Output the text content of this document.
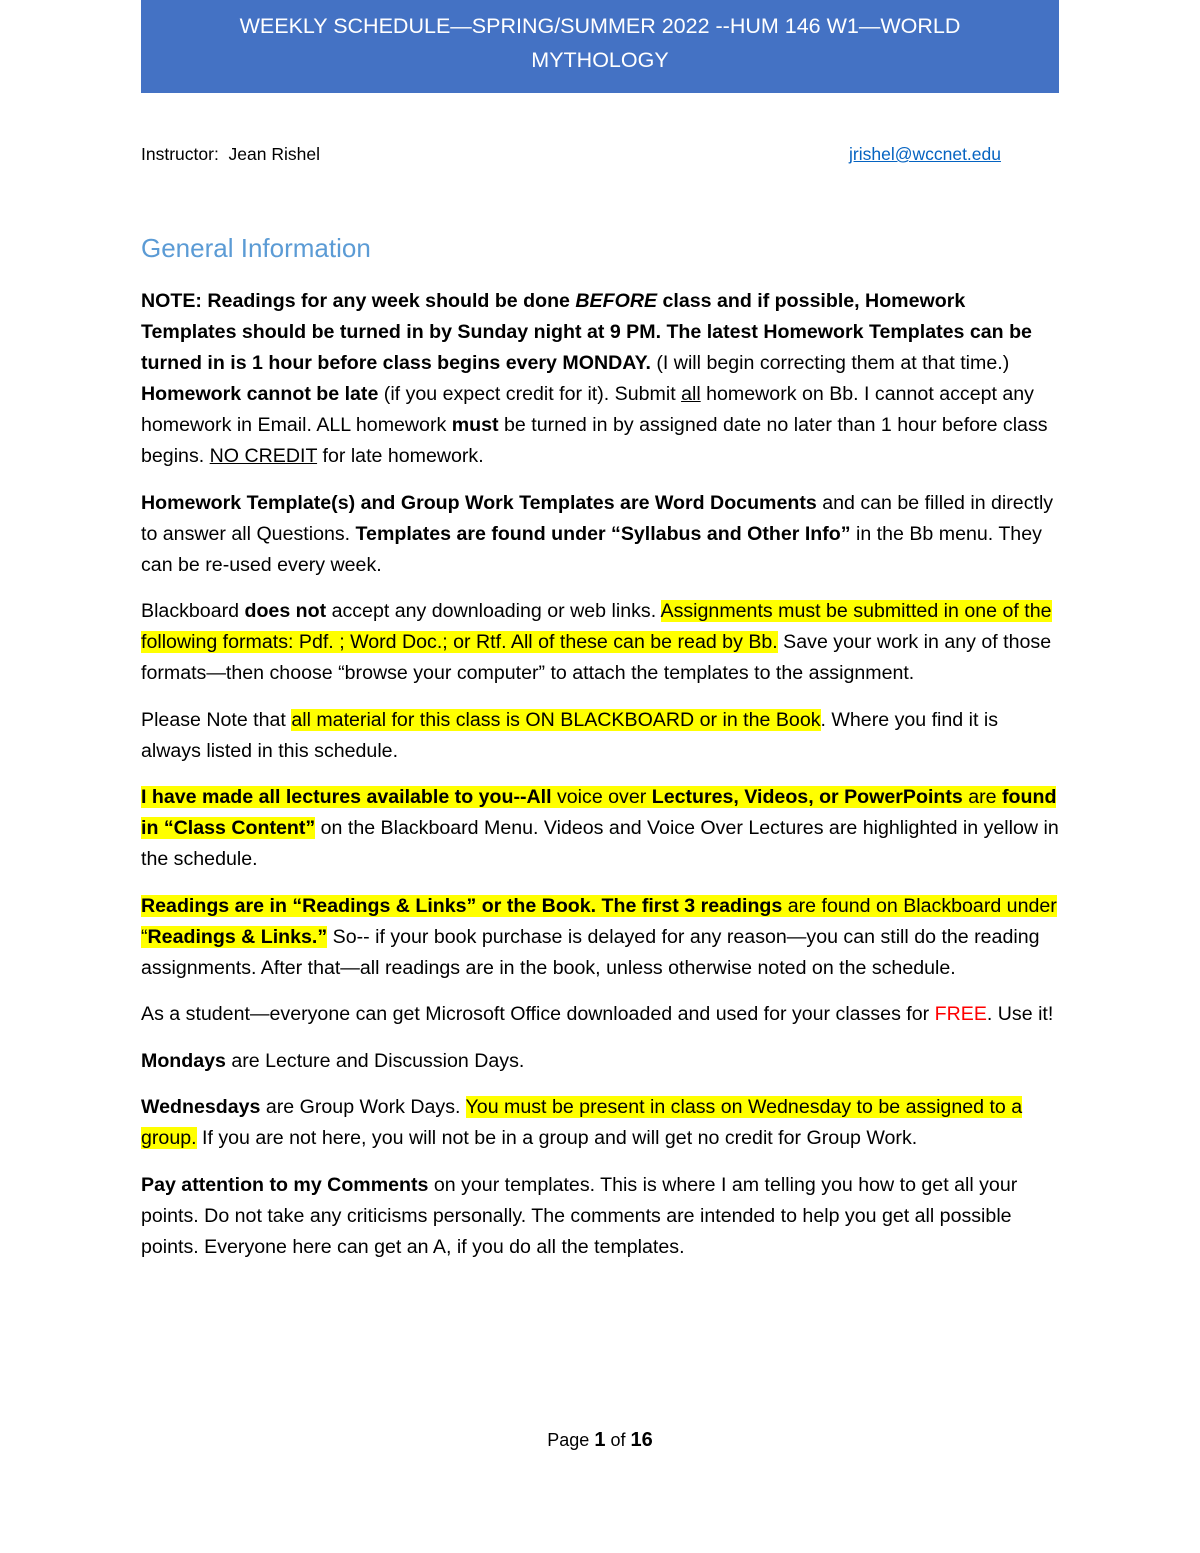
WEEKLY SCHEDULE—SPRING/SUMMER 2022 --HUM 146 W1—WORLD
MYTHOLOGY
Instructor: Jean Rishel	jrishel@wccnet.edu
General Information

NOTE: Readings for any week should be done BEFORE class and if possible, Homework Templates should be turned in by Sunday night at 9 PM. The latest Homework Templates can be turned in is 1 hour before class begins every MONDAY. (I will begin correcting them at that time.) Homework cannot be late (if you expect credit for it). Submit all homework on Bb. I cannot accept any homework in Email. ALL homework must be turned in by assigned date no later than 1 hour before class begins. NO CREDIT for late homework.

Homework Template(s) and Group Work Templates are Word Documents and can be filled in directly to answer all Questions. Templates are found under “Syllabus and Other Info” in the Bb menu. They can be re-used every week.

Blackboard does not accept any downloading or web links. Assignments must be submitted in one of the following formats: Pdf. ; Word Doc.; or Rtf. All of these can be read by Bb. Save your work in any of those formats—then choose “browse your computer” to attach the templates to the assignment.

Please Note that all material for this class is ON BLACKBOARD or in the Book. Where you find it is always listed in this schedule.

I have made all lectures available to you--All voice over Lectures, Videos, or PowerPoints are found in “Class Content” on the Blackboard Menu. Videos and Voice Over Lectures are highlighted in yellow in the schedule.

Readings are in “Readings & Links” or the Book. The first 3 readings are found on Blackboard under “Readings & Links.” So-- if your book purchase is delayed for any reason—you can still do the reading assignments. After that—all readings are in the book, unless otherwise noted on the schedule.

As a student—everyone can get Microsoft Office downloaded and used for your classes for FREE. Use it!

Mondays are Lecture and Discussion Days.

Wednesdays are Group Work Days. You must be present in class on Wednesday to be assigned to a group. If you are not here, you will not be in a group and will get no credit for Group Work.

Pay attention to my Comments on your templates. This is where I am telling you how to get all your points. Do not take any criticisms personally. The comments are intended to help you get all possible points. Everyone here can get an A, if you do all the templates.

Page 1 of 16
